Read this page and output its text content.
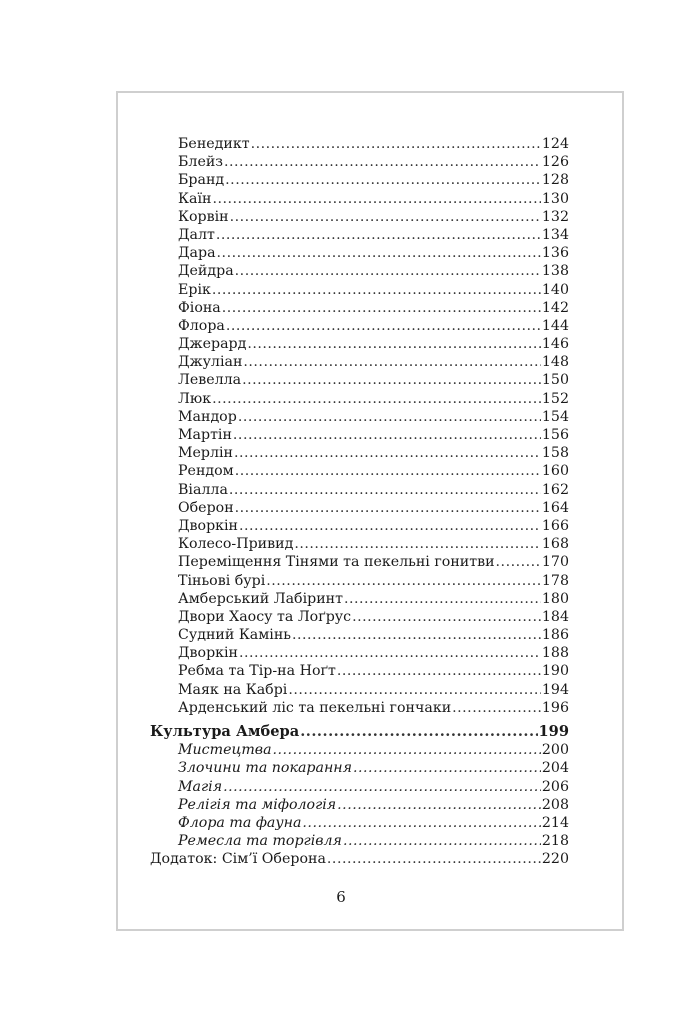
Бенедикт .....	124
Блейз .....	126
Бранд .....	128
Каїн .....	130
Корвін .....	132
Далт .....	134
Дара .....	136
Дейдра .....	138
Ерік .....	140
Фіона .....	142
Флора .....	144
Джерард .....	146
Джуліан .....	148
Левелла .....	150
Люк .....	152
Мандор .....	154
Мартін .....	156
Мерлін .....	158
Рендом .....	160
Віалла .....	162
Оберон .....	164
Дворкін .....	166
Колесо-Привид .....	168
Переміщення Тінями та пекельні гонитви .....	170
Тіньові бурі .....	178
Амберський Лабіринт .....	180
Двори Хаосу та Лоґрус .....	184
Судний Камінь .....	186
Дворкін .....	188
Ребма та Тір-на Ноґт .....	190
Маяк на Кабрі .....	194
Арденський ліс та пекельні гончаки .....	196
Культура Амбера .....	199
Мистецтва .....	200
Злочини та покарання .....	204
Магія .....	206
Релігія та міфологія .....	208
Флора та фауна .....	214
Ремесла та торгівля .....	218
Додаток: Сім’ї Оберона .....	220
6
